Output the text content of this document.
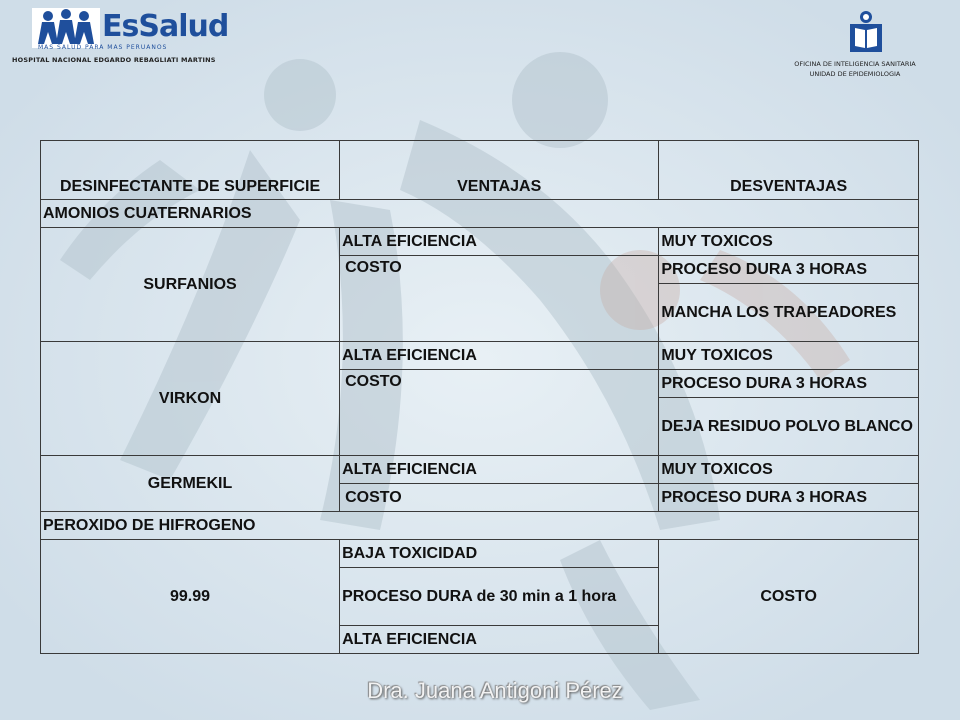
EsSalud
MAS SALUD PARA MAS PERUANOS
HOSPITAL NACIONAL EDGARDO REBAGLIATI MARTINS	OFICINA DE INTELIGENCIA SANITARIA
UNIDAD DE EPIDEMIOLOGIA
DESINFECTANTE DE SUPERFICIE	VENTAJAS	DESVENTAJAS
AMONIOS CUATERNARIOS		
SURFANIOS	ALTA EFICIENCIA	MUY TOXICOS
	COSTO	PROCESO DURA 3 HORAS
		MANCHA LOS TRAPEADORES
VIRKON	ALTA EFICIENCIA	MUY TOXICOS
	COSTO	PROCESO DURA 3 HORAS
		DEJA RESIDUO POLVO BLANCO
GERMEKIL	ALTA EFICIENCIA	MUY TOXICOS
	COSTO	PROCESO DURA 3 HORAS
PEROXIDO DE HIFROGENO		
99.99	BAJA TOXICIDAD	COSTO
	PROCESO DURA de 30 min a 1 hora	
	ALTA EFICIENCIA	
Dra. Juana Antigoni Pérez
